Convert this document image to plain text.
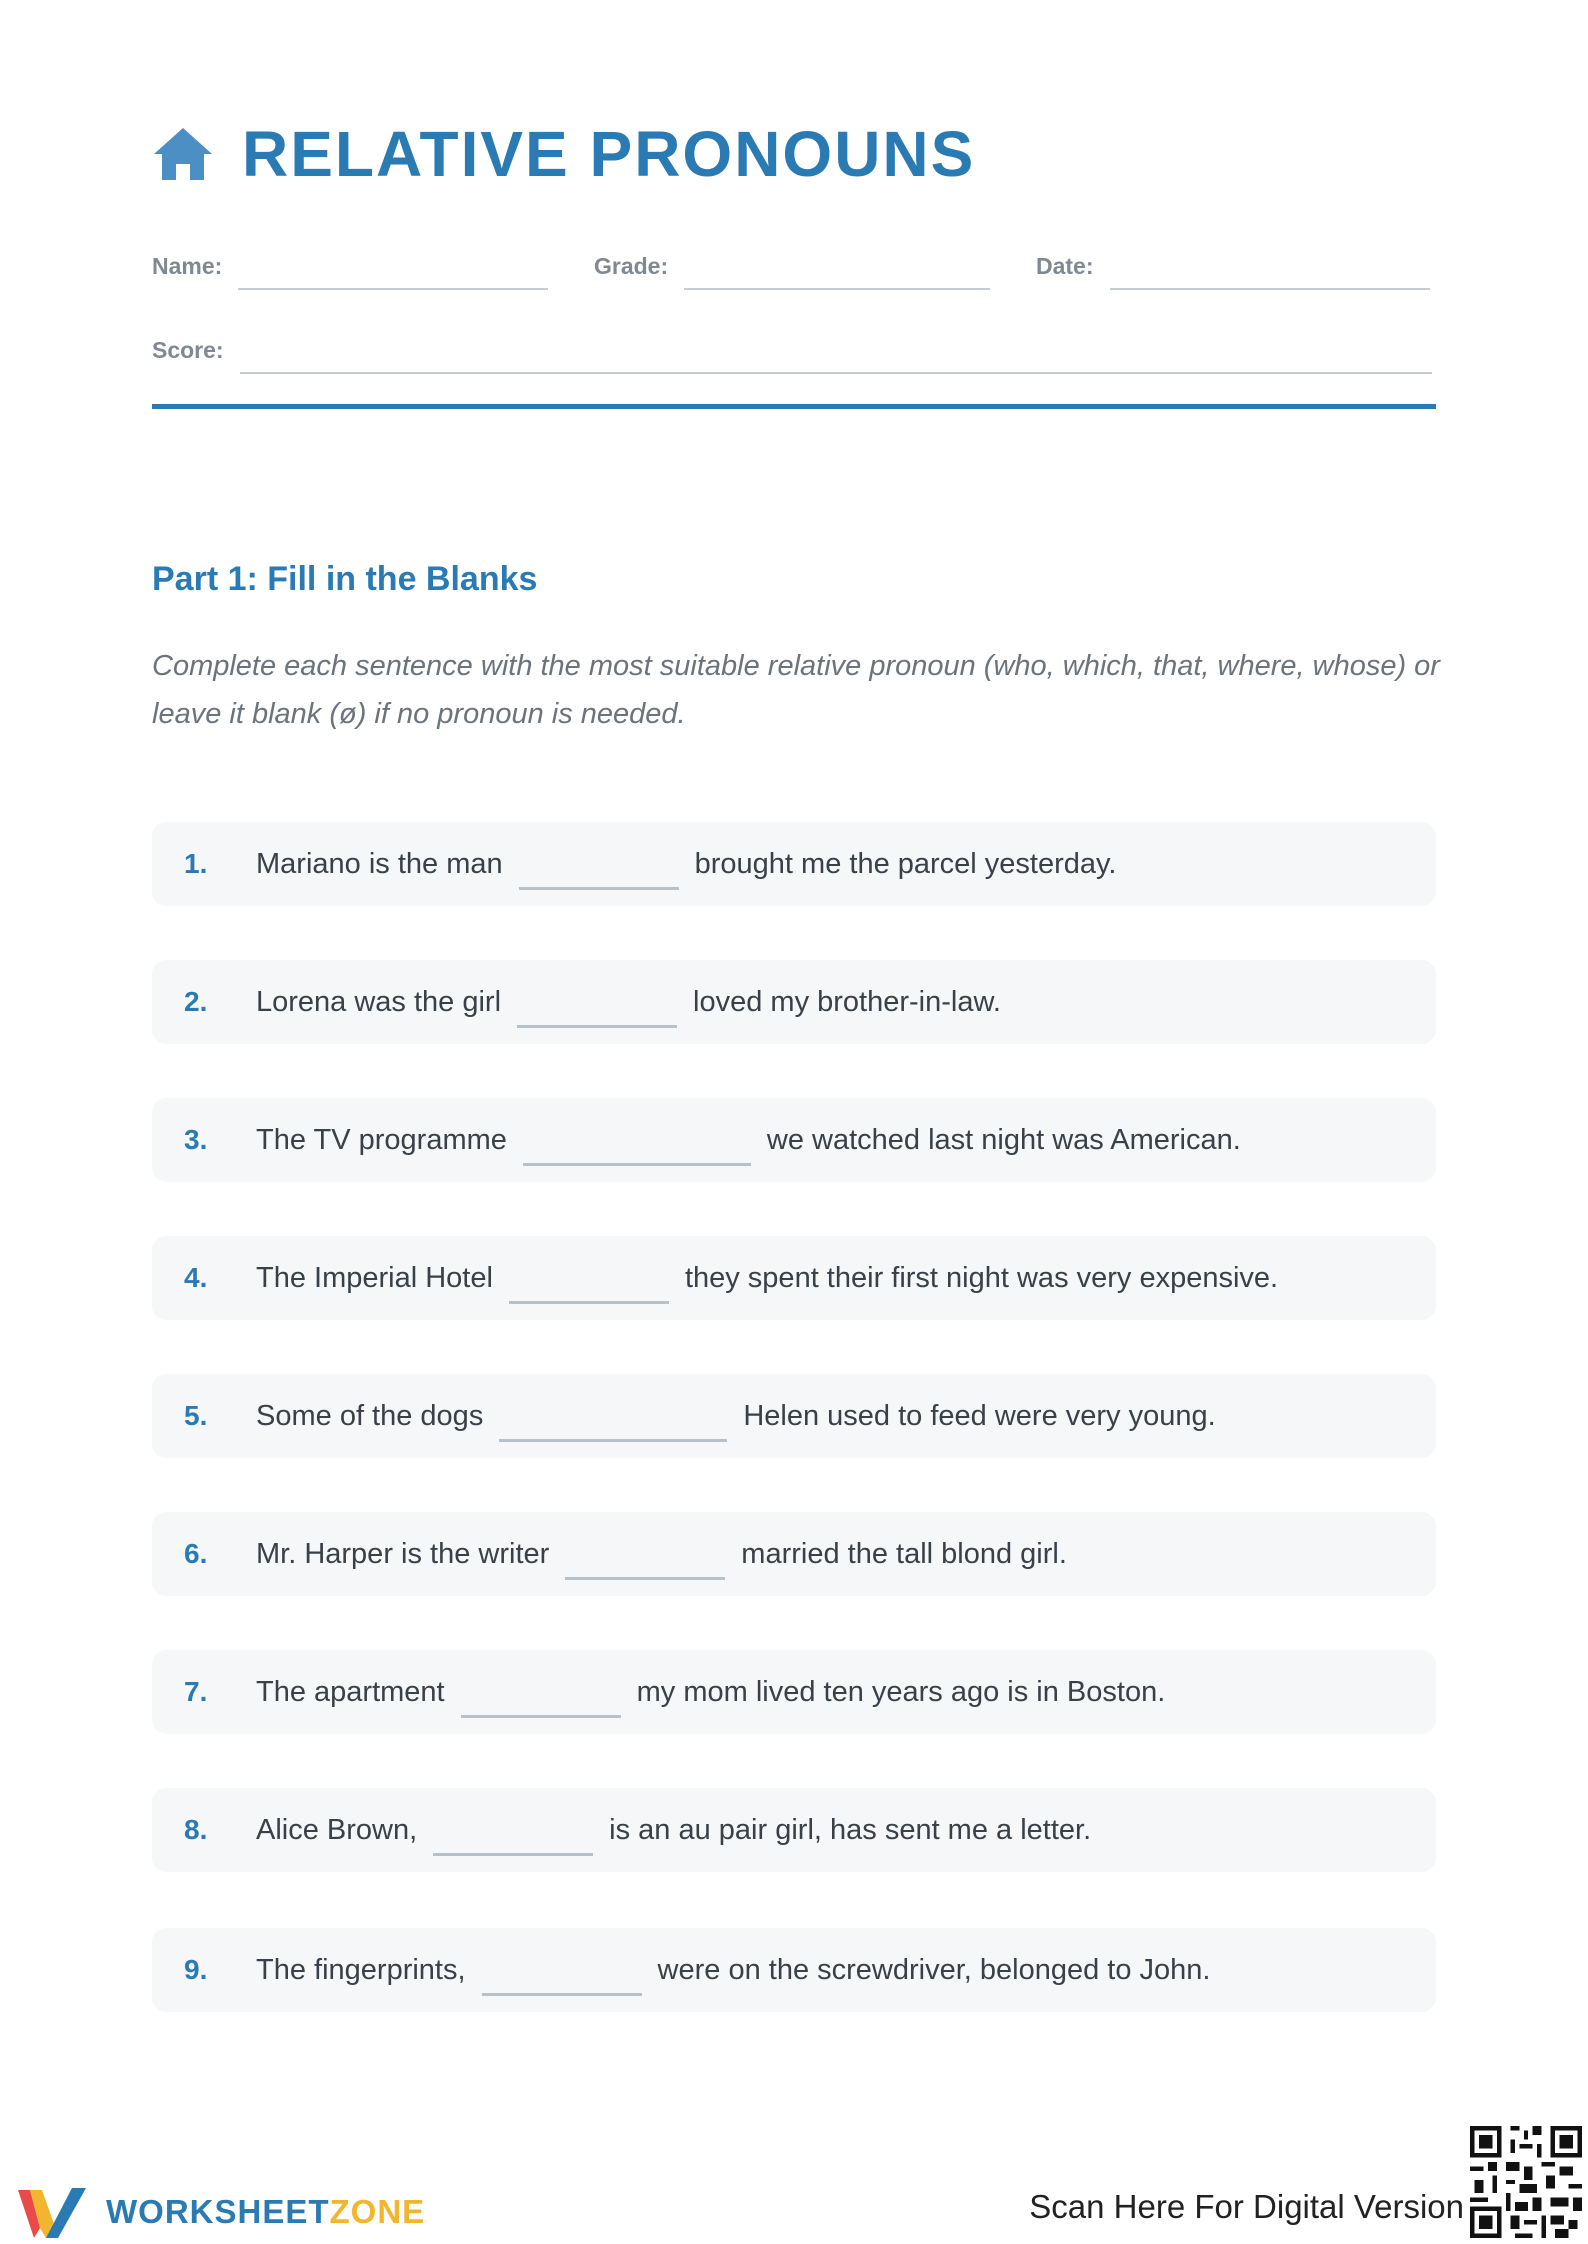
RELATIVE PRONOUNS
Name:	Grade:	Date:
Score:
Part 1: Fill in the Blanks
Complete each sentence with the most suitable relative pronoun (who, which, that, where, whose) or leave it blank (ø) if no pronoun is needed.
1.	Mariano is the man	brought me the parcel yesterday.
2.	Lorena was the girl	loved my brother-in-law.
3.	The TV programme	we watched last night was American.
4.	The Imperial Hotel	they spent their first night was very expensive.
5.	Some of the dogs	Helen used to feed were very young.
6.	Mr. Harper is the writer	married the tall blond girl.
7.	The apartment	my mom lived ten years ago is in Boston.
8.	Alice Brown,	is an au pair girl, has sent me a letter.
9.	The fingerprints,	were on the screwdriver, belonged to John.
WORKSHEETZONE	Scan Here For Digital Version
